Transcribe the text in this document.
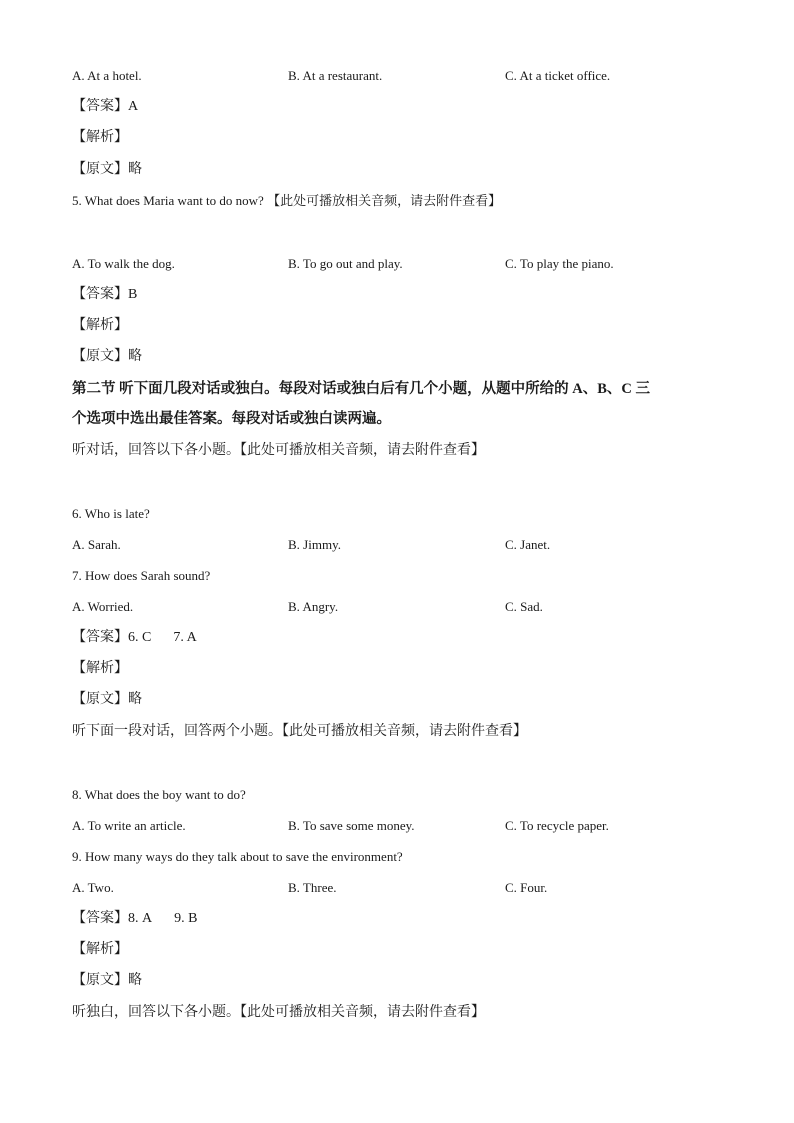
A. At a hotel.	B. At a restaurant.	C. At a ticket office.
【答案】A
【解析】
【原文】略
5. What does Maria want to do now? 【此处可播放相关音频，请去附件查看】
A. To walk the dog.	B. To go out and play.	C. To play the piano.
【答案】B
【解析】
【原文】略
第二节 听下面几段对话或独白。每段对话或独白后有几个小题，从题中所给的 A、B、C 三
个选项中选出最佳答案。每段对话或独白读两遍。
听对话，回答以下各小题。【此处可播放相关音频，请去附件查看】
6. Who is late?
A. Sarah.	B. Jimmy.	C. Janet.
7. How does Sarah sound?
A. Worried.	B. Angry.	C. Sad.
【答案】6. C 7. A
【解析】
【原文】略
听下面一段对话，回答两个小题。【此处可播放相关音频，请去附件查看】
8. What does the boy want to do?
A. To write an article.	B. To save some money.	C. To recycle paper.
9. How many ways do they talk about to save the environment?
A. Two.	B. Three.	C. Four.
【答案】8. A 9. B
【解析】
【原文】略
听独白，回答以下各小题。【此处可播放相关音频，请去附件查看】
